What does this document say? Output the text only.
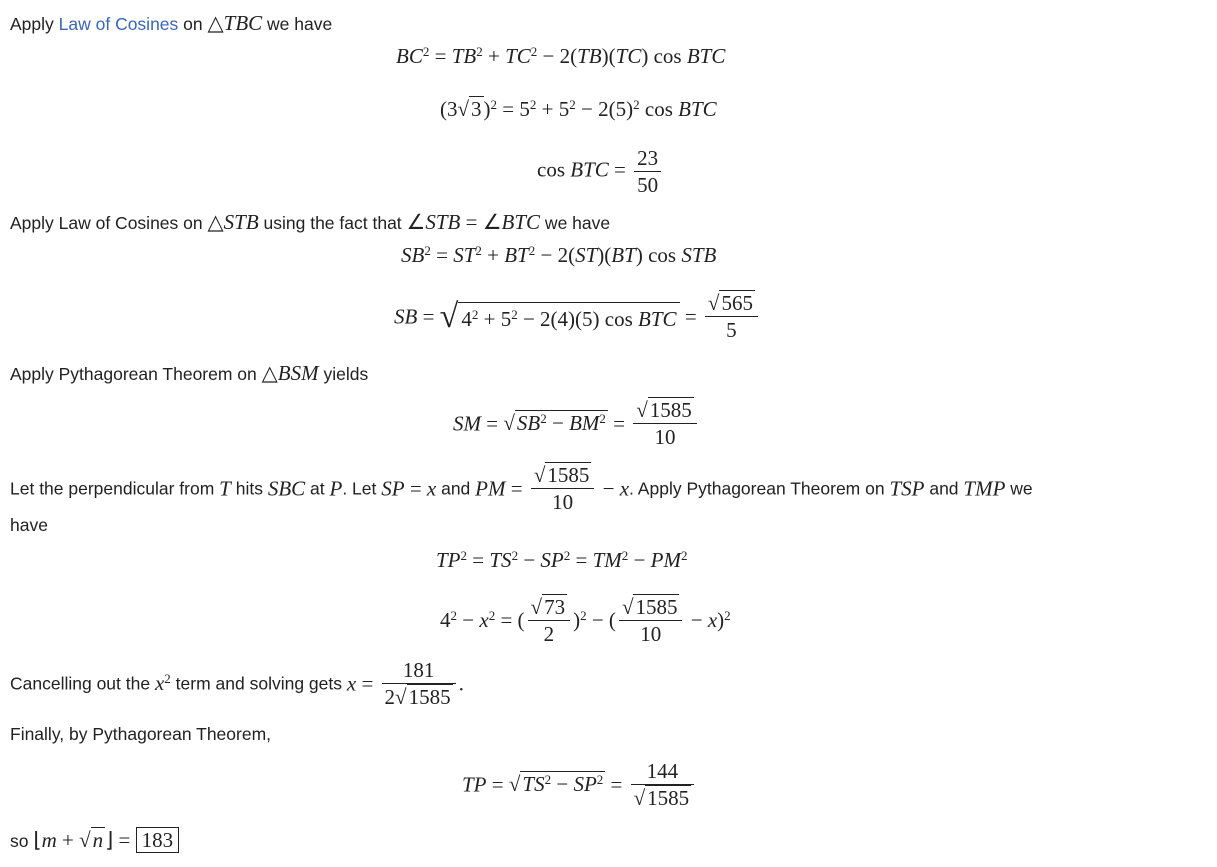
Apply Law of Cosines on △TBC we have
$BC^2 = TB^2 + TC^2 - 2(TB)(TC)$ cos BTC
$(3√3)^2 = 5^2 + 5^2 - 2(5)^2$ cos BTC
cos BTC = $\frac{23}{50}$
Apply Law of Cosines on △STB using the fact that ∠STB = ∠BTC we have
$SB^2 = ST^2 + BT^2 - 2(ST)(BT)$ cos STB
SB = √ $4^2 + 5^2 - 2(4)(5)$ cos BTC = $\frac{√565}{5}$
Apply Pythagorean Theorem on △BSM yields
SM = $√SB^2 - BM^2 = \frac{√1585}{10}$
Let the perpendicular from T hits SBC at P. Let SP = x and PM = $\frac{√1585}{10} - x$. Apply Pythagorean Theorem on TSP and TMP we
have
$TP^2 = TS^2 - SP^2 = TM^2 - PM^2$
$4^2 - x^2$ = ( $\frac{√73}{2} )^2$ − ( $\frac{√1585}{10} - x)^2$
Cancelling out the $x^2$ term and solving gets $x = \frac{181}{2√1585}$ .
Finally, by Pythagorean Theorem,
TP = $√TS^2 - SP^2 = \frac{144}{√1585}$
so ⌊m + √n⌋ = 183
